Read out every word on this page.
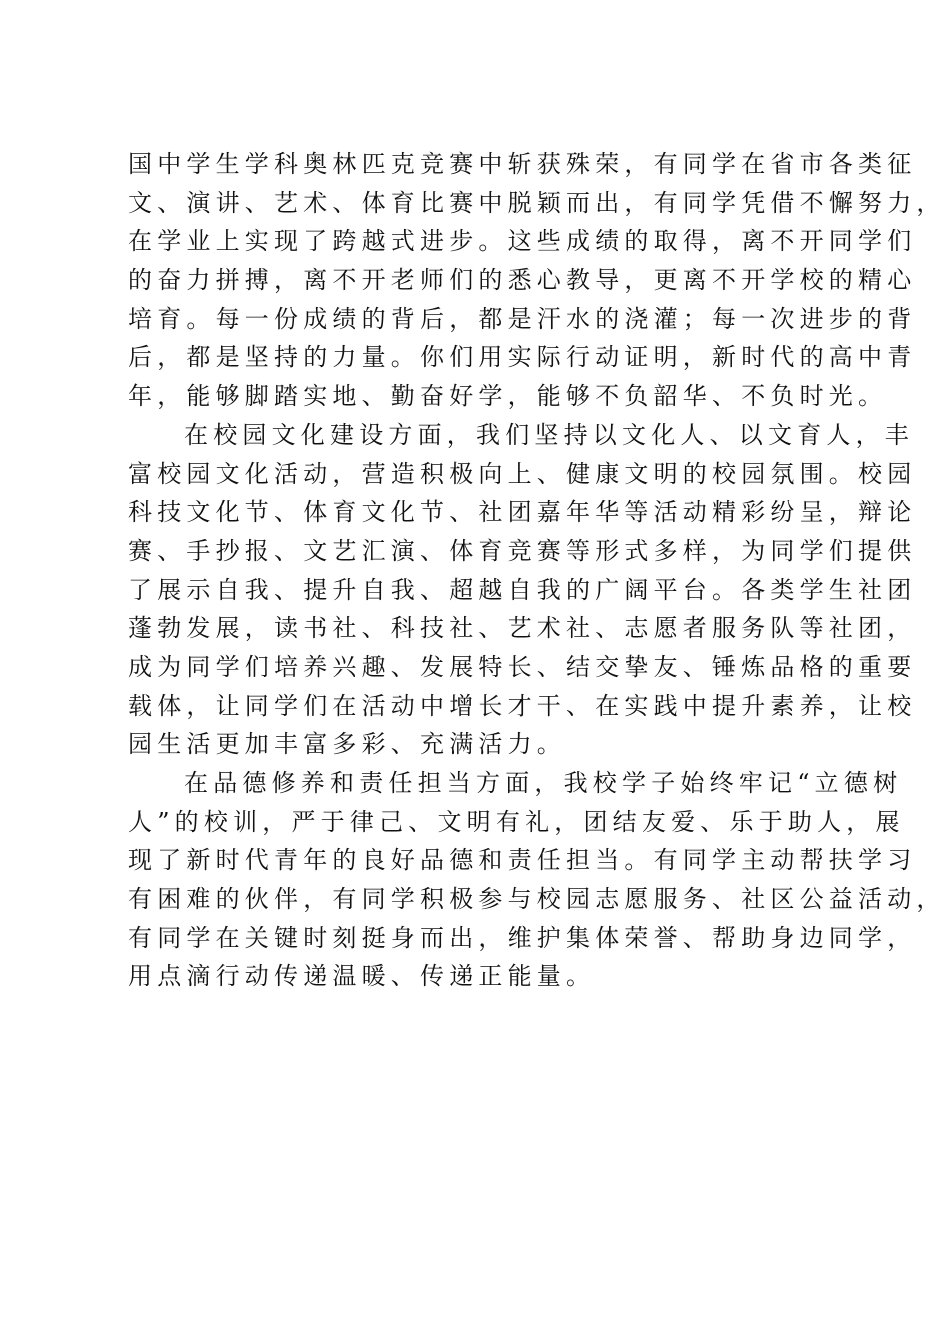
国中学生学科奥林匹克竞赛中斩获殊荣，有同学在省市各类征
文、演讲、艺术、体育比赛中脱颖而出，有同学凭借不懈努力，
在学业上实现了跨越式进步。这些成绩的取得，离不开同学们
的奋力拼搏，离不开老师们的悉心教导，更离不开学校的精心
培育。每一份成绩的背后，都是汗水的浇灌；每一次进步的背
后，都是坚持的力量。你们用实际行动证明，新时代的高中青
年，能够脚踏实地、勤奋好学，能够不负韶华、不负时光。
在校园文化建设方面，我们坚持以文化人、以文育人，丰
富校园文化活动，营造积极向上、健康文明的校园氛围。校园
科技文化节、体育文化节、社团嘉年华等活动精彩纷呈，辩论
赛、手抄报、文艺汇演、体育竞赛等形式多样，为同学们提供
了展示自我、提升自我、超越自我的广阔平台。各类学生社团
蓬勃发展，读书社、科技社、艺术社、志愿者服务队等社团，
成为同学们培养兴趣、发展特长、结交挚友、锤炼品格的重要
载体，让同学们在活动中增长才干、在实践中提升素养，让校
园生活更加丰富多彩、充满活力。
在品德修养和责任担当方面，我校学子始终牢记“立德树
人”的校训，严于律己、文明有礼，团结友爱、乐于助人，展
现了新时代青年的良好品德和责任担当。有同学主动帮扶学习
有困难的伙伴，有同学积极参与校园志愿服务、社区公益活动，
有同学在关键时刻挺身而出，维护集体荣誉、帮助身边同学，
用点滴行动传递温暖、传递正能量。
